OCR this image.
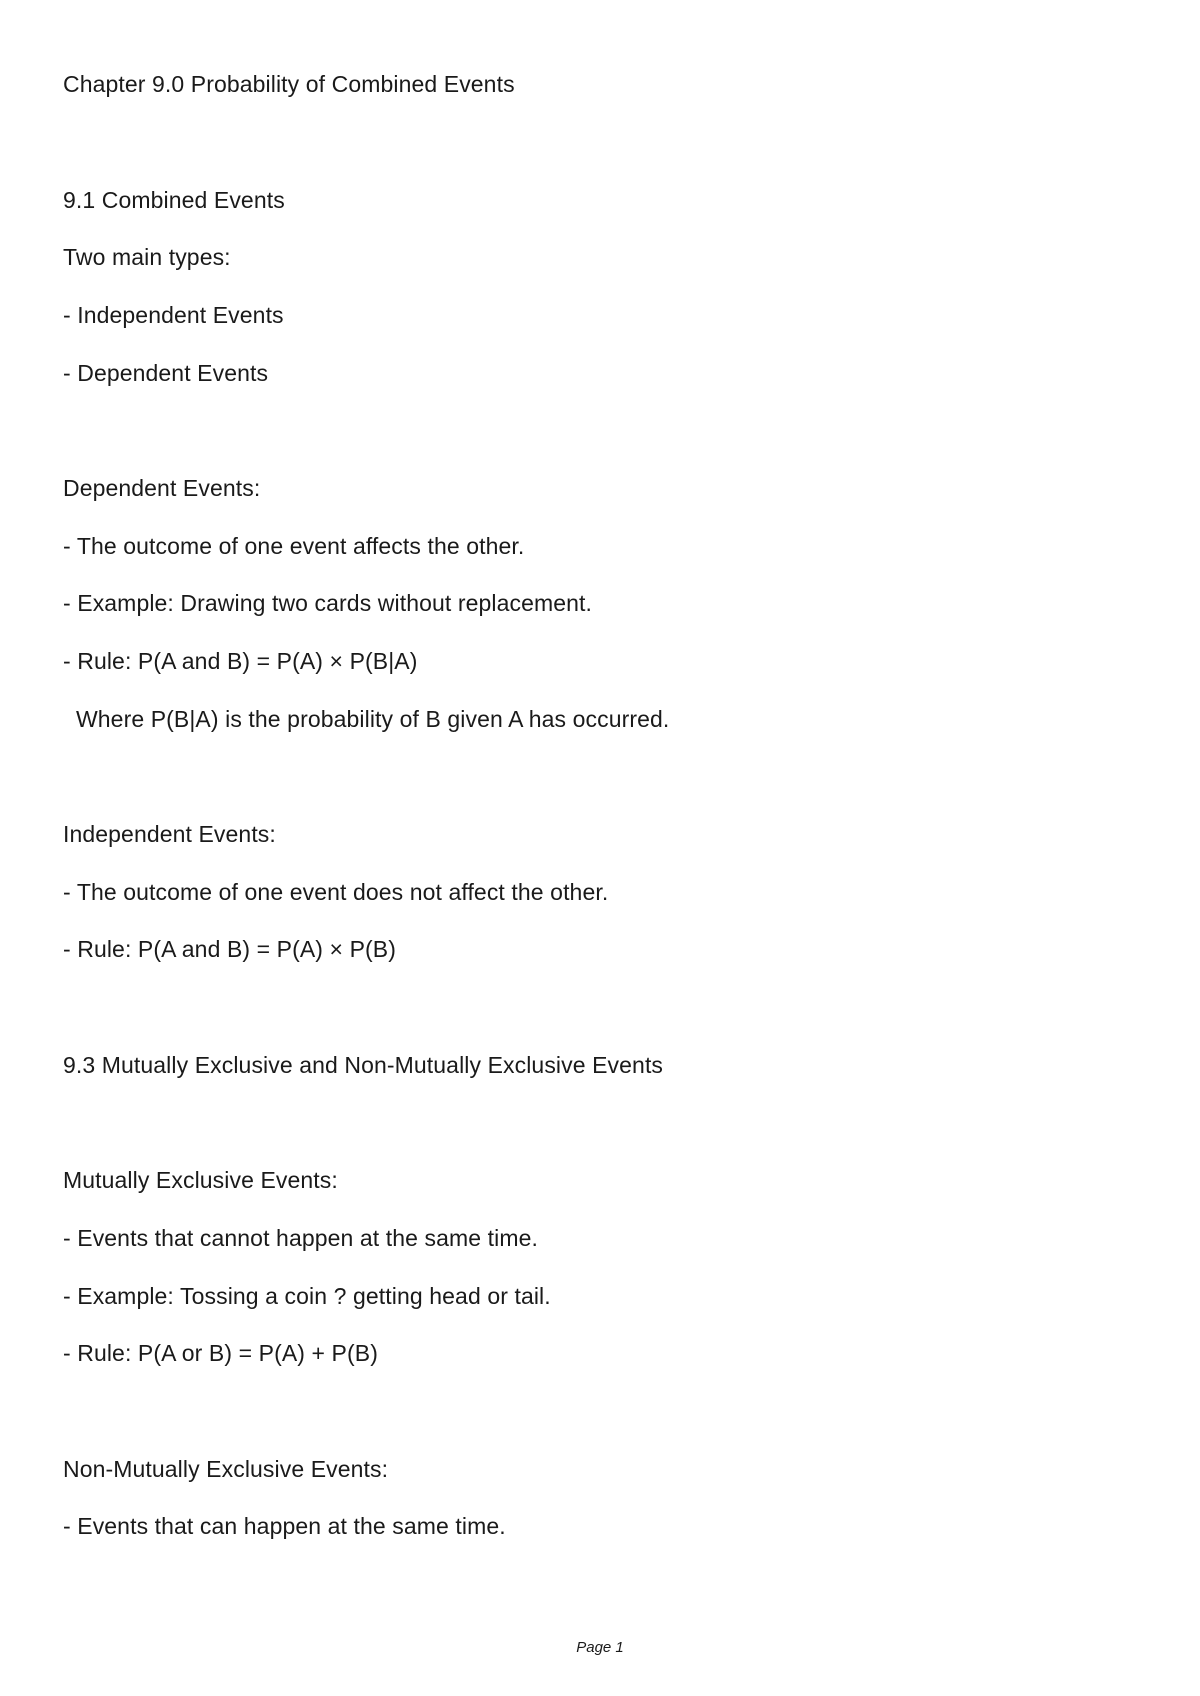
Chapter 9.0 Probability of Combined Events
9.1 Combined Events
Two main types:
- Independent Events
- Dependent Events
Dependent Events:
- The outcome of one event affects the other.
- Example: Drawing two cards without replacement.
- Rule: P(A and B) = P(A) × P(B|A)
Where P(B|A) is the probability of B given A has occurred.
Independent Events:
- The outcome of one event does not affect the other.
- Rule: P(A and B) = P(A) × P(B)
9.3 Mutually Exclusive and Non-Mutually Exclusive Events
Mutually Exclusive Events:
- Events that cannot happen at the same time.
- Example: Tossing a coin ? getting head or tail.
- Rule: P(A or B) = P(A) + P(B)
Non-Mutually Exclusive Events:
- Events that can happen at the same time.
Page 1
